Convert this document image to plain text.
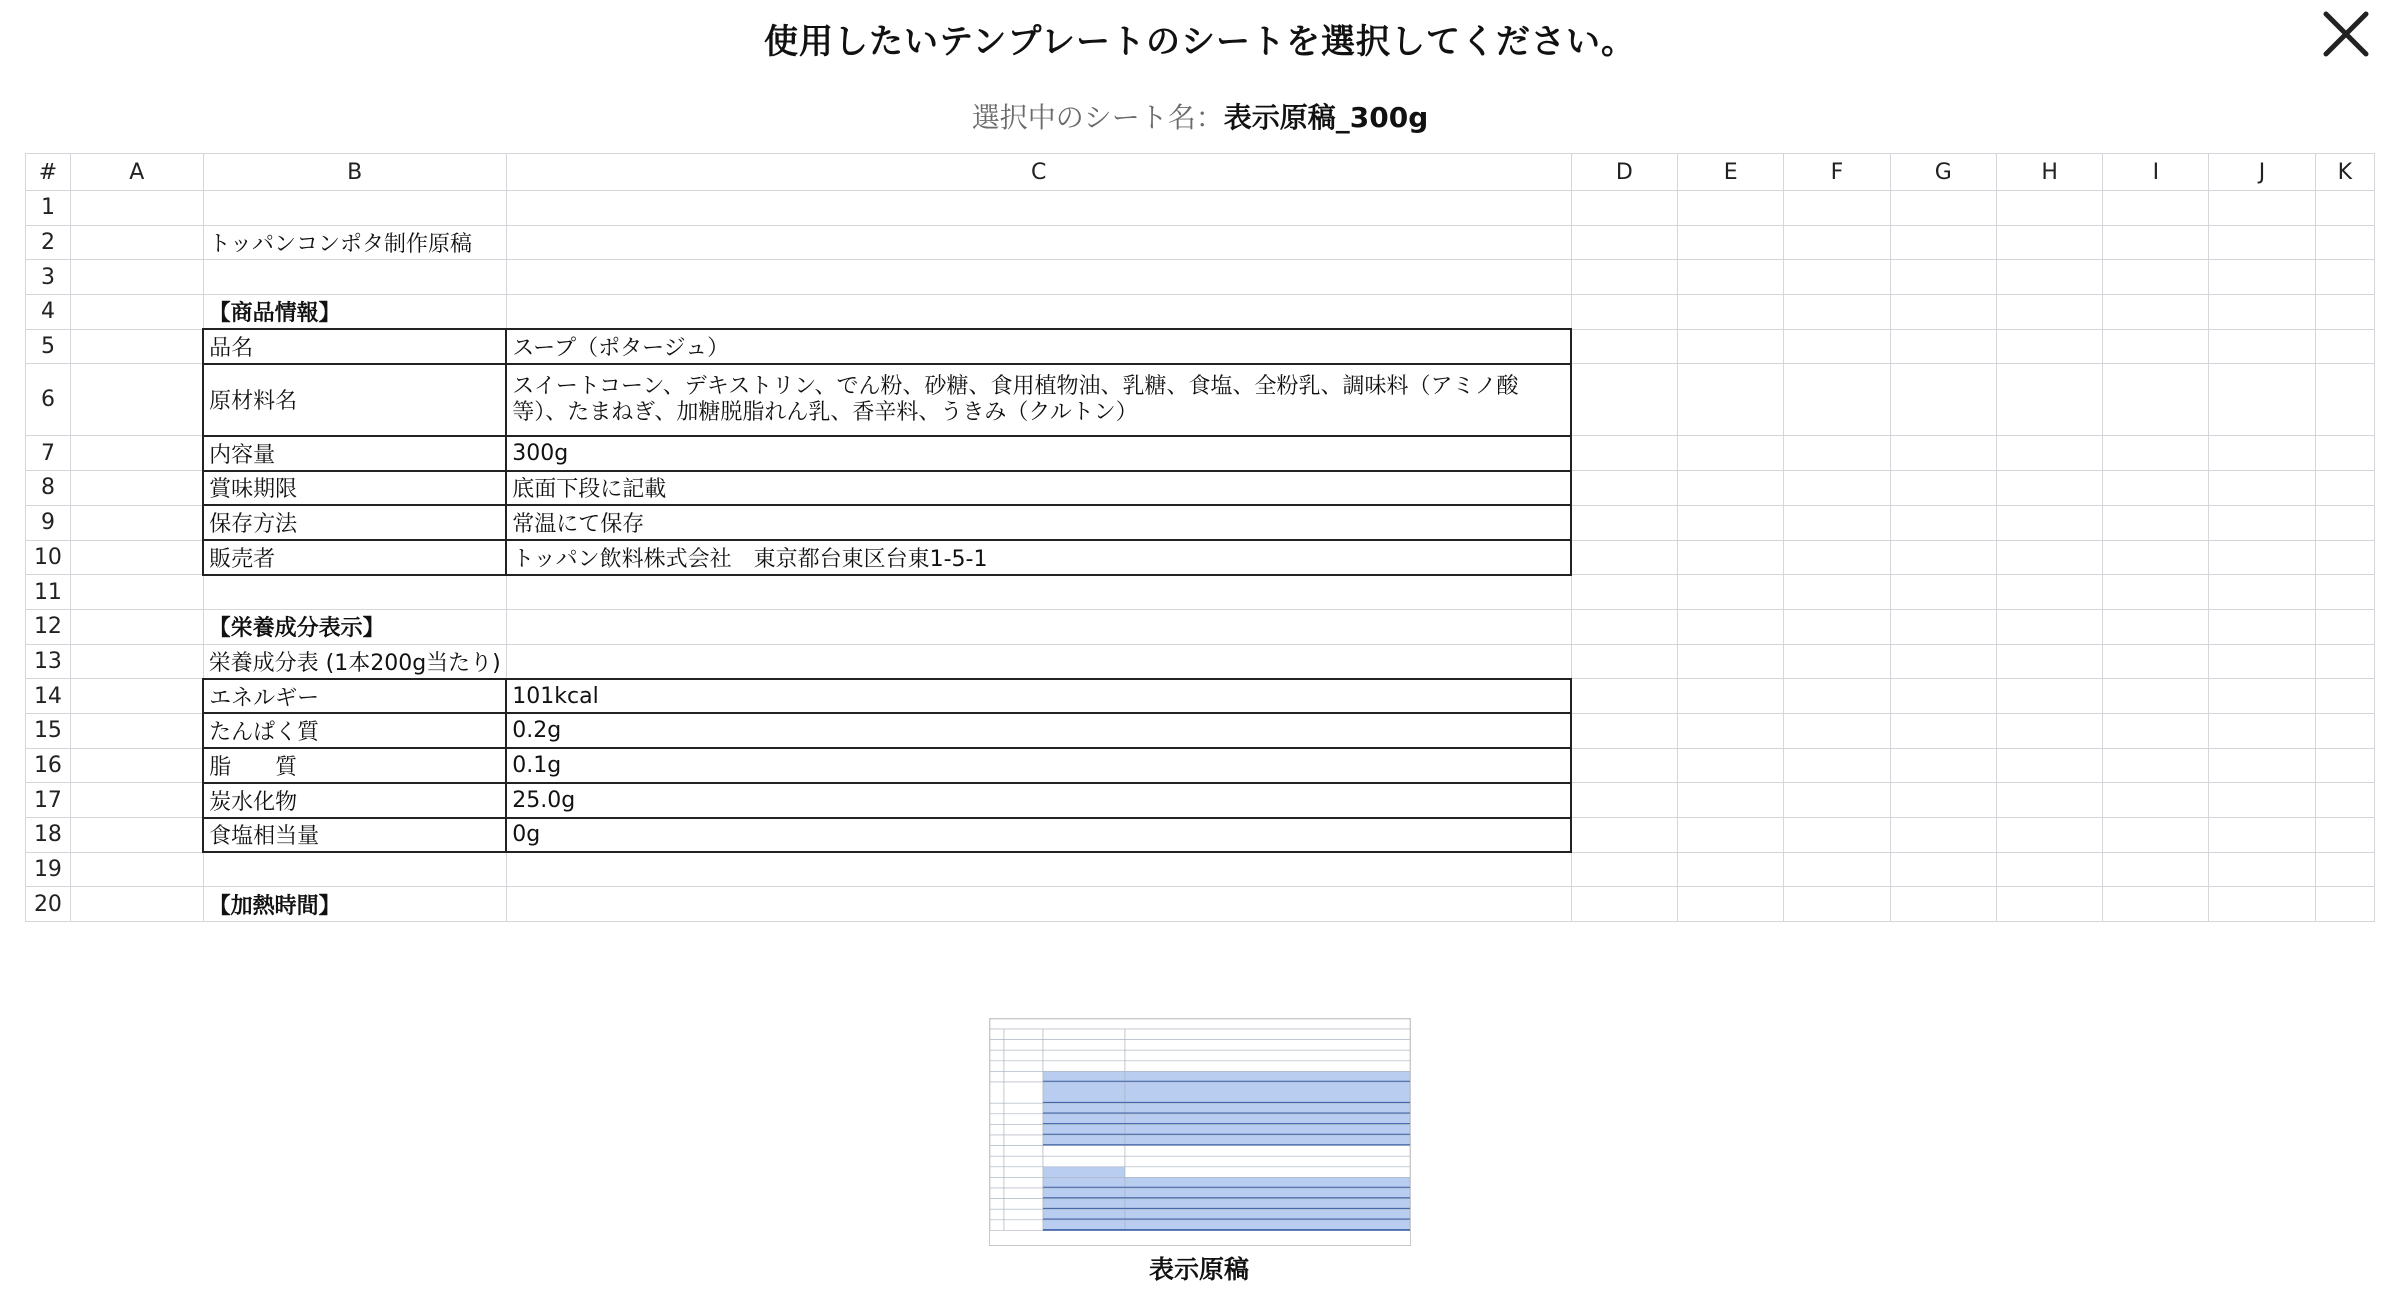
使用したいテンプレートのシートを選択してください。
選択中のシート名：表示原稿_300g
#	A	B	C	D	E	F	G	H	I	J	K
1											
2		トッパンコンポタ制作原稿									
3											
4		【商品情報】									
5		品名	スープ（ポタージュ）								
6		原材料名	スイートコーン、デキストリン、でん粉、砂糖、食用植物油、乳糖、食塩、全粉乳、調味料（アミノ酸等）、たまねぎ、加糖脱脂れん乳、香辛料、うきみ（クルトン）								
7		内容量	300g								
8		賞味期限	底面下段に記載								
9		保存方法	常温にて保存								
10		販売者	トッパン飲料株式会社　東京都台東区台東1-5-1								
11											
12		【栄養成分表示】									
13		栄養成分表 (1本200g当たり)									
14		エネルギー	101kcal								
15		たんぱく質	0.2g								
16		脂　　質	0.1g								
17		炭水化物	25.0g								
18		食塩相当量	0g								
19											
20		【加熱時間】									
表示原稿
